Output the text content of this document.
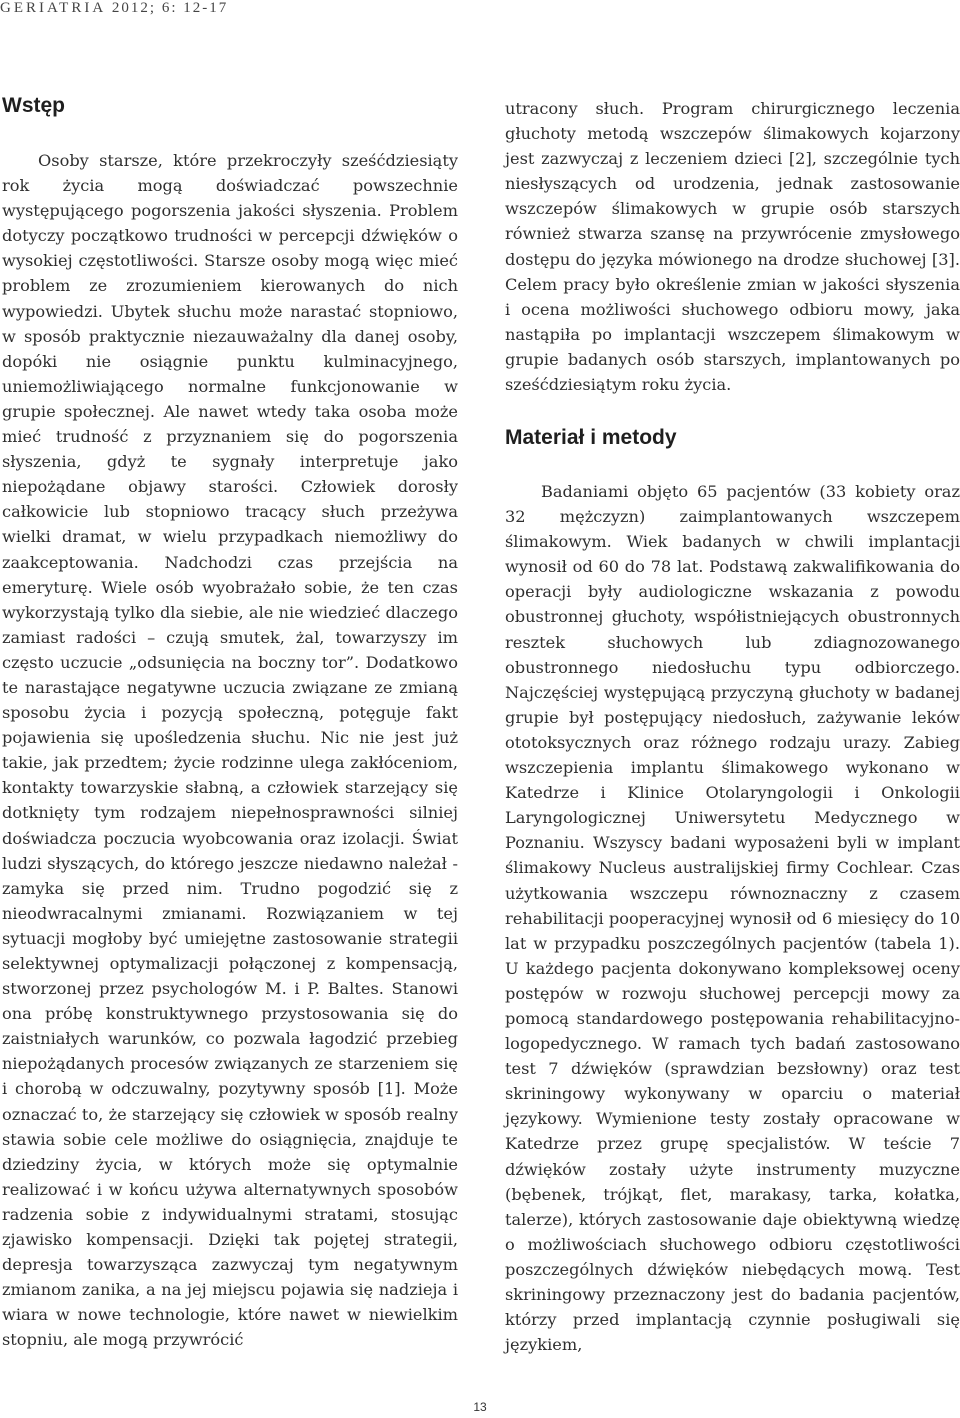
GERIATRIA 2012; 6: 12-17
Wstęp

Osoby starsze, które przekroczyły sześćdziesiąty rok życia mogą doświadczać powszechnie występującego pogorszenia jakości słyszenia. Problem dotyczy początkowo trudności w percepcji dźwięków o wysokiej częstotliwości. Starsze osoby mogą więc mieć problem ze zrozumieniem kierowanych do nich wypowiedzi. Ubytek słuchu może narastać stopniowo, w sposób praktycznie niezauważalny dla danej osoby, dopóki nie osiągnie punktu kulminacyjnego, uniemożliwiającego normalne funkcjonowanie w grupie społecznej. Ale nawet wtedy taka osoba może mieć trudność z przyznaniem się do pogorszenia słyszenia, gdyż te sygnały interpretuje jako niepożądane objawy starości. Człowiek dorosły całkowicie lub stopniowo tracący słuch przeżywa wielki dramat, w wielu przypadkach niemożliwy do zaakceptowania. Nadchodzi czas przejścia na emeryturę. Wiele osób wyobrażało sobie, że ten czas wykorzystają tylko dla siebie, ale nie wiedzieć dlaczego zamiast radości – czują smutek, żal, towarzyszy im często uczucie „odsunięcia na boczny tor”. Dodatkowo te narastające negatywne uczucia związane ze zmianą sposobu życia i pozycją społeczną, potęguje fakt pojawienia się upośledzenia słuchu. Nic nie jest już takie, jak przedtem; życie rodzinne ulega zakłóceniom, kontakty towarzyskie słabną, a człowiek starzejący się dotknięty tym rodzajem niepełnosprawności silniej doświadcza poczucia wyobcowania oraz izolacji. Świat ludzi słyszących, do którego jeszcze niedawno należał - zamyka się przed nim. Trudno pogodzić się z nieodwracalnymi zmianami. Rozwiązaniem w tej sytuacji mogłoby być umiejętne zastosowanie strategii selektywnej optymalizacji połączonej z kompensacją, stworzonej przez psychologów M. i P. Baltes. Stanowi ona próbę konstruktywnego przystosowania się do zaistniałych warunków, co pozwala łagodzić przebieg niepożądanych procesów związanych ze starzeniem się i chorobą w odczuwalny, pozytywny sposób [1]. Może oznaczać to, że starzejący się człowiek w sposób realny stawia sobie cele możliwe do osiągnięcia, znajduje te dziedziny życia, w których może się optymalnie realizować i w końcu używa alternatywnych sposobów radzenia sobie z indywidualnymi stratami, stosując zjawisko kompensacji. Dzięki tak pojętej strategii, depresja towarzysząca zazwyczaj tym negatywnym zmianom zanika, a na jej miejscu pojawia się nadzieja i wiara w nowe technologie, które nawet w niewielkim stopniu, ale mogą przywrócić

utracony słuch. Program chirurgicznego leczenia głuchoty metodą wszczepów ślimakowych kojarzony jest zazwyczaj z leczeniem dzieci [2], szczególnie tych niesłyszących od urodzenia, jednak zastosowanie wszczepów ślimakowych w grupie osób starszych również stwarza szansę na przywrócenie zmysłowego dostępu do języka mówionego na drodze słuchowej [3]. Celem pracy było określenie zmian w jakości słyszenia i ocena możliwości słuchowego odbioru mowy, jaka nastąpiła po implantacji wszczepem ślimakowym w grupie badanych osób starszych, implantowanych po sześćdziesiątym roku życia.

Materiał i metody

Badaniami objęto 65 pacjentów (33 kobiety oraz 32 mężczyzn) zaimplantowanych wszczepem ślimakowym. Wiek badanych w chwili implantacji wynosił od 60 do 78 lat. Podstawą zakwalifikowania do operacji były audiologiczne wskazania z powodu obustronnej głuchoty, współistniejących obustronnych resztek słuchowych lub zdiagnozowanego obustronnego niedosłuchu typu odbiorczego. Najczęściej występującą przyczyną głuchoty w badanej grupie był postępujący niedosłuch, zażywanie leków ototoksycznych oraz różnego rodzaju urazy. Zabieg wszczepienia implantu ślimakowego wykonano w Katedrze i Klinice Otolaryngologii i Onkologii Laryngologicznej Uniwersytetu Medycznego w Poznaniu. Wszyscy badani wyposażeni byli w implant ślimakowy Nucleus australijskiej firmy Cochlear. Czas użytkowania wszczepu równoznaczny z czasem rehabilitacji pooperacyjnej wynosił od 6 miesięcy do 10 lat w przypadku poszczególnych pacjentów (tabela 1). U każdego pacjenta dokonywano kompleksowej oceny postępów w rozwoju słuchowej percepcji mowy za pomocą standardowego postępowania rehabilitacyjno-logopedycznego. W ramach tych badań zastosowano test 7 dźwięków (sprawdzian bezsłowny) oraz test skriningowy wykonywany w oparciu o materiał językowy. Wymienione testy zostały opracowane w Katedrze przez grupę specjalistów. W teście 7 dźwięków zostały użyte instrumenty muzyczne (bębenek, trójkąt, flet, marakasy, tarka, kołatka, talerze), których zastosowanie daje obiektywną wiedzę o możliwościach słuchowego odbioru częstotliwości poszczególnych dźwięków niebędących mową. Test skriningowy przeznaczony jest do badania pacjentów, którzy przed implantacją czynnie posługiwali się językiem,

13
